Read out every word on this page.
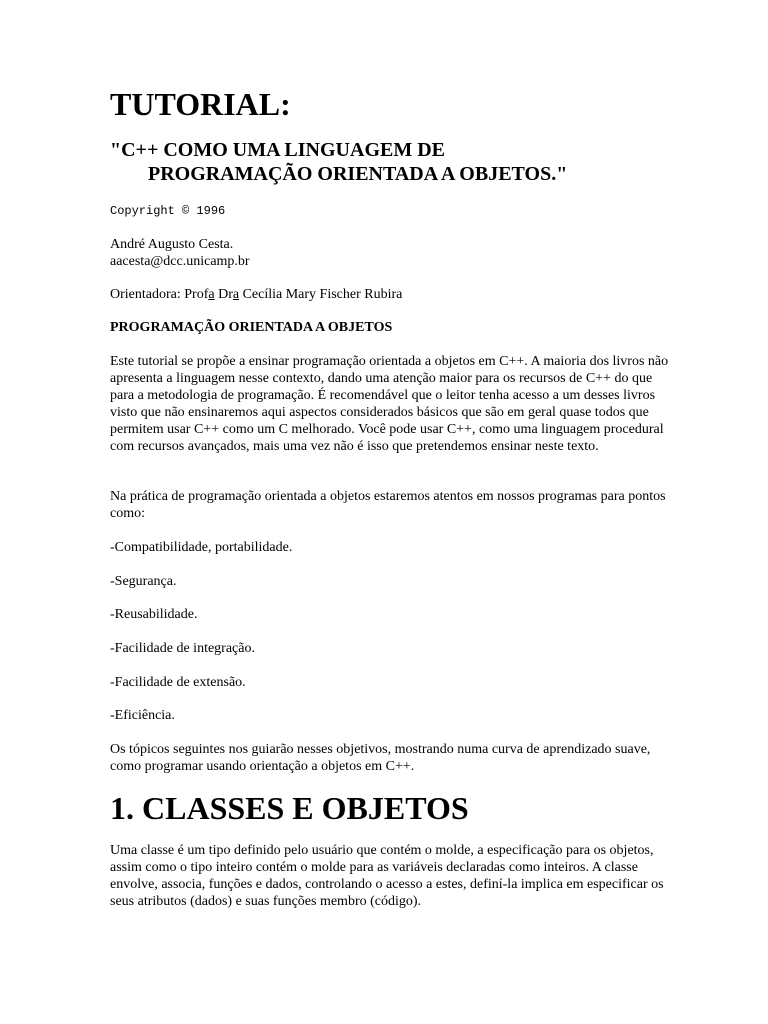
TUTORIAL:
"C++ COMO UMA LINGUAGEM DE
PROGRAMAÇÃO ORIENTADA A OBJETOS."
Copyright © 1996
André Augusto Cesta.
aacesta@dcc.unicamp.br
Orientadora: Profa Dra Cecília Mary Fischer Rubira
PROGRAMAÇÃO ORIENTADA A OBJETOS

Este tutorial se propõe a ensinar programação orientada a objetos em C++. A maioria dos livros não apresenta a linguagem nesse contexto, dando uma atenção maior para os recursos de C++ do que para a metodologia de programação. É recomendável que o leitor tenha acesso a um desses livros visto que não ensinaremos aqui aspectos considerados básicos que são em geral quase todos que permitem usar C++ como um C melhorado. Você pode usar C++, como uma linguagem procedural com recursos avançados, mais uma vez não é isso que pretendemos ensinar neste texto.

Na prática de programação orientada a objetos estaremos atentos em nossos programas para pontos como:

-Compatibilidade, portabilidade.
-Segurança.
-Reusabilidade.
-Facilidade de integração.
-Facilidade de extensão.
-Eficiência.

Os tópicos seguintes nos guiarão nesses objetivos, mostrando numa curva de aprendizado suave, como programar usando orientação a objetos em C++.

1. CLASSES E OBJETOS

Uma classe é um tipo definido pelo usuário que contém o molde, a especificação para os objetos, assim como o tipo inteiro contém o molde para as variáveis declaradas como inteiros. A classe envolve, associa, funções e dados, controlando o acesso a estes, definí-la implica em especificar os seus atributos (dados) e suas funções membro (código).
